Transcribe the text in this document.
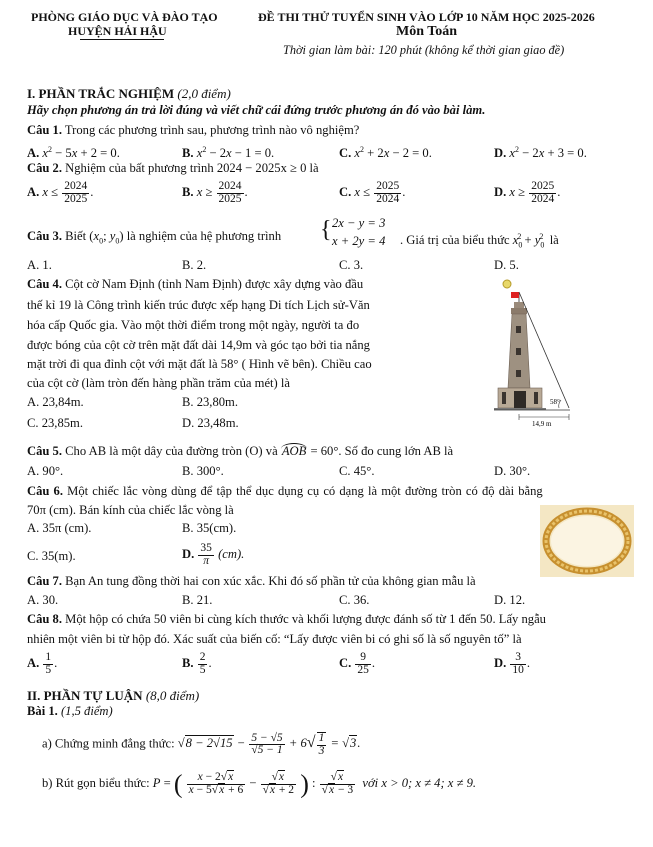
PHÒNG GIÁO DỤC VÀ ĐÀO TẠO
HUYỆN HẢI HẬU
ĐỀ THI THỬ TUYỂN SINH VÀO LỚP 10 NĂM HỌC 2025-2026
Môn Toán
Thời gian làm bài: 120 phút (không kể thời gian giao đề)
I. PHẦN TRẮC NGHIỆM (2,0 điểm)
Hãy chọn phương án trả lời đúng và viết chữ cái đứng trước phương án đó vào bài làm.
Câu 1. Trong các phương trình sau, phương trình nào vô nghiệm?
A. $x^2 - 5x + 2 = 0$.	B. $x^2 - 2x - 1 = 0$.	C. $x^2 + 2x - 2 = 0$.	D. $x^2 - 2x + 3 = 0$.
Câu 2. Nghiệm của bất phương trình 2024 − 2025x ≥ 0 là
A. $x \le \frac{2024}{2025}$ .	B. $x \ge \frac{2024}{2025}$ .	C. $x \le \frac{2025}{2024}$ .	D. $x \ge \frac{2025}{2024}$ .
Câu 3. Biết ($x_0$; $y_0$) là nghiệm của hệ phương trình { 2x − y = 3
x + 2y = 4 . Giá trị của biểu thức $x_0^2 + y_0^2$ là
A. 1.	B. 2.	C. 3.	D. 5.
Câu 4. Cột cờ Nam Định (tỉnh Nam Định) được xây dựng vào đầu
thế kỉ 19 là Công trình kiến trúc được xếp hạng Di tích Lịch sử-Văn
hóa cấp Quốc gia. Vào một thời điểm trong một ngày, người ta đo
được bóng của cột cờ trên mặt đất dài 14,9m và góc tạo bởi tia nắng
mặt trời đi qua đỉnh cột với mặt đất là 58° ( Hình vẽ bên). Chiều cao
của cột cờ (làm tròn đến hàng phần trăm của mét) là
A. 23,84m.	B. 23,80m.
C. 23,85m.	D. 23,48m.
58°
14,9 m
Câu 5. Cho AB là một dây của đường tròn (O) và AOB = 60°. Số đo cung lớn AB là
A. 90°.	B. 300°.	C. 45°.	D. 30°.
Câu 6. Một chiếc lắc vòng dùng để tập thể dục dụng cụ có dạng là một đường tròn có độ dài bằng
70π (cm). Bán kính của chiếc lắc vòng là
A. 35π (cm).	B. 35(cm).
C. 35(m).	D. $\frac{35}{\pi} (cm)$.
Câu 7. Bạn An tung đồng thời hai con xúc xắc. Khi đó số phần tử của không gian mẫu là
A. 30.	B. 21.	C. 36.	D. 12.
Câu 8. Một hộp có chứa 50 viên bi cùng kích thước và khối lượng được đánh số từ 1 đến 50. Lấy ngẫu
nhiên một viên bi từ hộp đó. Xác suất của biến cố: “Lấy được viên bi có ghi số là số nguyên tố” là
A. $\frac{1}{5}$ .	B. $\frac{2}{5}$ .	C. $\frac{9}{25}$ .	D. $\frac{3}{10}$ .
II. PHẦN TỰ LUẬN (8,0 điểm)
Bài 1. (1,5 điểm)
a) Chứng minh đẳng thức: $√8 - 2√15 - \frac{5 - √5}{√5 - 1} + 6√ \frac{1}{3} = √3$.
b) Rút gọn biểu thức: P = ( $\frac{x - 2√x}{x - 5√x + 6} - \frac{√x}{√x + 2}$ ) : $\frac{√x}{√x - 3}$ với x > 0; x ≠ 4; x ≠ 9.
